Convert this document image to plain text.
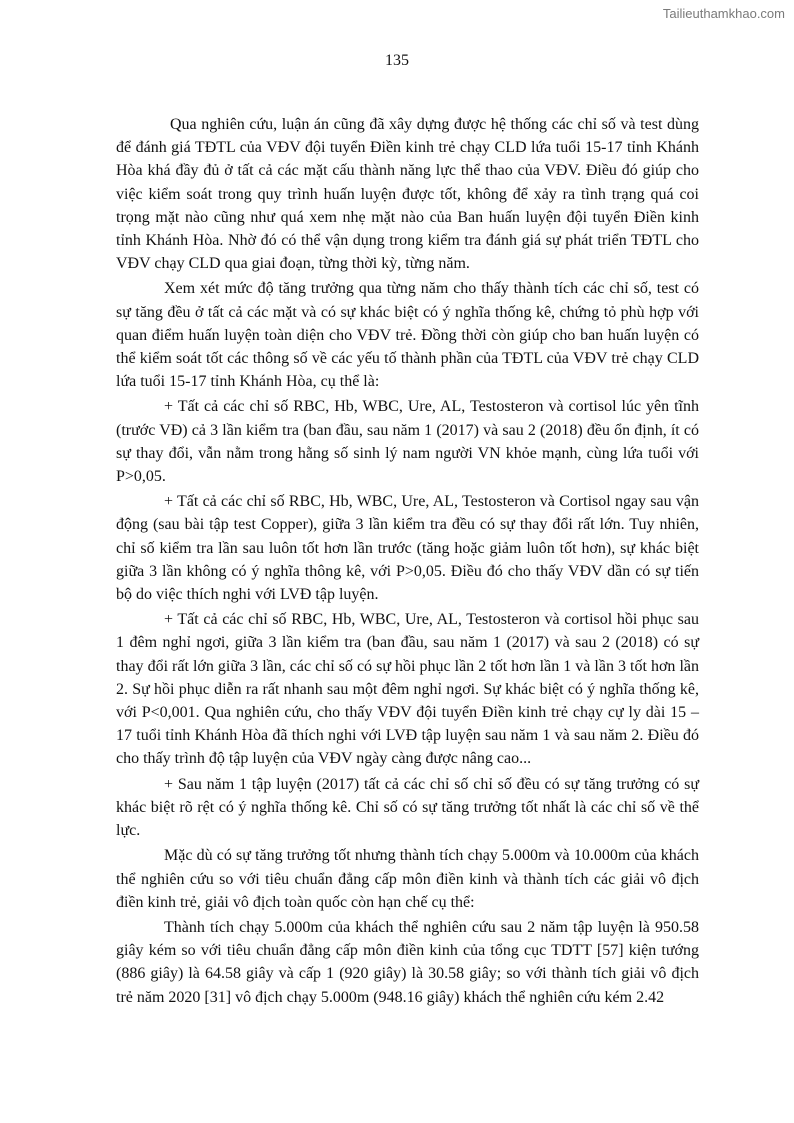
Tailieuthamkhao.com
135

Qua nghiên cứu, luận án cũng đã xây dựng được hệ thống các chỉ số và test dùng để đánh giá TĐTL của VĐV đội tuyển Điền kinh trẻ chạy CLD lứa tuổi 15-17 tỉnh Khánh Hòa khá đầy đủ ở tất cả các mặt cấu thành năng lực thể thao của VĐV. Điều đó giúp cho việc kiểm soát trong quy trình huấn luyện được tốt, không để xảy ra tình trạng quá coi trọng mặt nào cũng như quá xem nhẹ mặt nào của Ban huấn luyện đội tuyển Điền kinh tỉnh Khánh Hòa. Nhờ đó có thể vận dụng trong kiểm tra đánh giá sự phát triển TĐTL cho VĐV chạy CLD qua giai đoạn, từng thời kỳ, từng năm.

Xem xét mức độ tăng trưởng qua từng năm cho thấy thành tích các chỉ số, test có sự tăng đều ở tất cả các mặt và có sự khác biệt có ý nghĩa thống kê, chứng tỏ phù hợp với quan điểm huấn luyện toàn diện cho VĐV trẻ. Đồng thời còn giúp cho ban huấn luyện có thể kiểm soát tốt các thông số về các yếu tố thành phần của TĐTL của VĐV trẻ chạy CLD lứa tuổi 15-17 tỉnh Khánh Hòa, cụ thể là:

+ Tất cả các chỉ số RBC, Hb, WBC, Ure, AL, Testosteron và cortisol lúc yên tĩnh (trước VĐ) cả 3 lần kiểm tra (ban đầu, sau năm 1 (2017) và sau 2 (2018) đều ổn định, ít có sự thay đổi, vẫn nằm trong hằng số sinh lý nam người VN khỏe mạnh, cùng lứa tuổi với P>0,05.

+ Tất cả các chỉ số RBC, Hb, WBC, Ure, AL, Testosteron và Cortisol ngay sau vận động (sau bài tập test Copper), giữa 3 lần kiểm tra đều có sự thay đổi rất lớn. Tuy nhiên, chỉ số kiểm tra lần sau luôn tốt hơn lần trước (tăng hoặc giảm luôn tốt hơn), sự khác biệt giữa 3 lần không có ý nghĩa thông kê, với P>0,05. Điều đó cho thấy VĐV dần có sự tiến bộ do việc thích nghi với LVĐ tập luyện.

+ Tất cả các chỉ số RBC, Hb, WBC, Ure, AL, Testosteron và cortisol hồi phục sau 1 đêm nghỉ ngơi, giữa 3 lần kiểm tra (ban đầu, sau năm 1 (2017) và sau 2 (2018) có sự thay đổi rất lớn giữa 3 lần, các chỉ số có sự hồi phục lần 2 tốt hơn lần 1 và lần 3 tốt hơn lần 2. Sự hồi phục diễn ra rất nhanh sau một đêm nghỉ ngơi. Sự khác biệt có ý nghĩa thống kê, với P<0,001. Qua nghiên cứu, cho thấy VĐV đội tuyển Điền kinh trẻ chạy cự ly dài 15 – 17 tuổi tỉnh Khánh Hòa đã thích nghi với LVĐ tập luyện sau năm 1 và sau năm 2. Điều đó cho thấy trình độ tập luyện của VĐV ngày càng được nâng cao...

+ Sau năm 1 tập luyện (2017) tất cả các chỉ số chỉ số đều có sự tăng trưởng có sự khác biệt rõ rệt có ý nghĩa thống kê. Chỉ số có sự tăng trưởng tốt nhất là các chỉ số về thể lực.

Mặc dù có sự tăng trưởng tốt nhưng thành tích chạy 5.000m và 10.000m của khách thể nghiên cứu so với tiêu chuẩn đẳng cấp môn điền kinh và thành tích các giải vô địch điền kinh trẻ, giải vô địch toàn quốc còn hạn chế cụ thể:

Thành tích chạy 5.000m của khách thể nghiên cứu sau 2 năm tập luyện là 950.58 giây kém so với tiêu chuẩn đẳng cấp môn điền kinh của tổng cục TDTT [57] kiện tướng (886 giây) là 64.58 giây và cấp 1 (920 giây) là 30.58 giây; so với thành tích giải vô địch trẻ năm 2020 [31] vô địch chạy 5.000m (948.16 giây) khách thể nghiên cứu kém 2.42
